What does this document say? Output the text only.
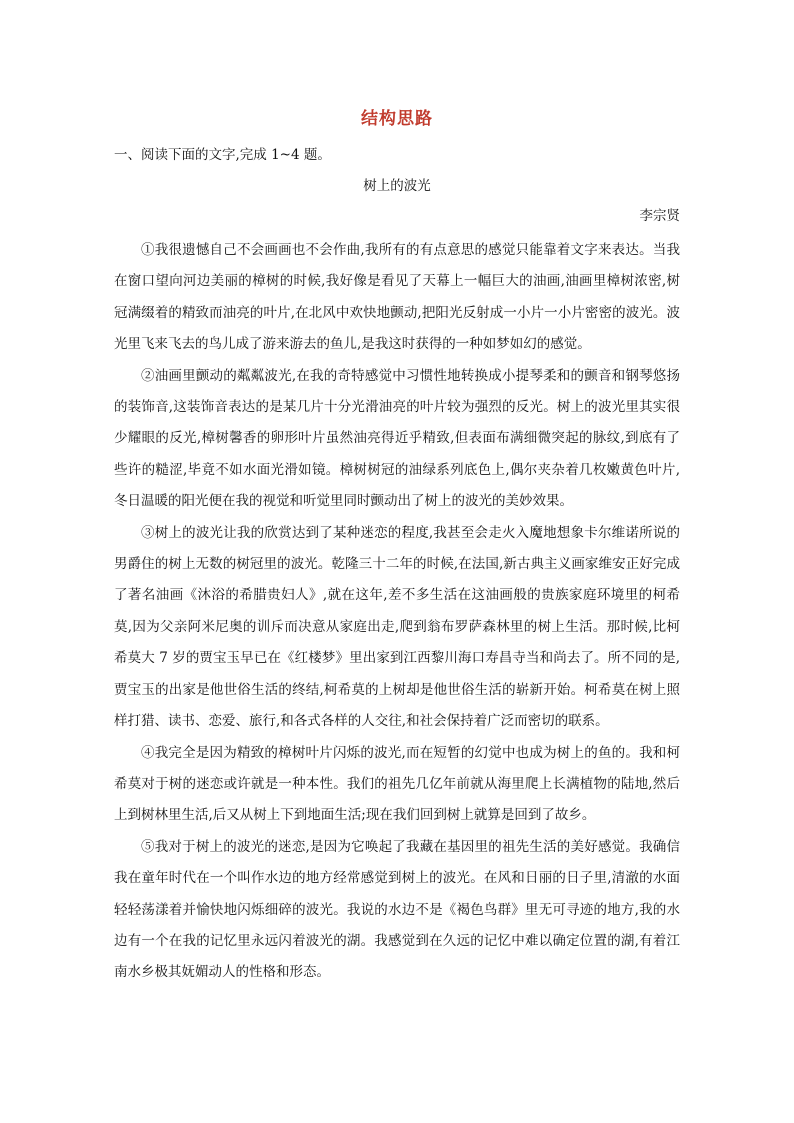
结构思路
一、阅读下面的文字,完成 1~4 题。
树上的波光
李宗贤

①我很遗憾自己不会画画也不会作曲,我所有的有点意思的感觉只能靠着文字来表达。当我在窗口望向河边美丽的樟树的时候,我好像是看见了天幕上一幅巨大的油画,油画里樟树浓密,树冠满缀着的精致而油亮的叶片,在北风中欢快地颤动,把阳光反射成一小片一小片密密的波光。波光里飞来飞去的鸟儿成了游来游去的鱼儿,是我这时获得的一种如梦如幻的感觉。

②油画里颤动的粼粼波光,在我的奇特感觉中习惯性地转换成小提琴柔和的颤音和钢琴悠扬的装饰音,这装饰音表达的是某几片十分光滑油亮的叶片较为强烈的反光。树上的波光里其实很少耀眼的反光,樟树馨香的卵形叶片虽然油亮得近乎精致,但表面布满细微突起的脉纹,到底有了些许的糙涩,毕竟不如水面光滑如镜。樟树树冠的油绿系列底色上,偶尔夹杂着几枚嫩黄色叶片,冬日温暖的阳光便在我的视觉和听觉里同时颤动出了树上的波光的美妙效果。

③树上的波光让我的欣赏达到了某种迷恋的程度,我甚至会走火入魔地想象卡尔维诺所说的男爵住的树上无数的树冠里的波光。乾隆三十二年的时候,在法国,新古典主义画家维安正好完成了著名油画《沐浴的希腊贵妇人》,就在这年,差不多生活在这油画般的贵族家庭环境里的柯希莫,因为父亲阿米尼奥的训斥而决意从家庭出走,爬到翁布罗萨森林里的树上生活。那时候,比柯希莫大 7 岁的贾宝玉早已在《红楼梦》里出家到江西黎川海口寿昌寺当和尚去了。所不同的是,贾宝玉的出家是他世俗生活的终结,柯希莫的上树却是他世俗生活的崭新开始。柯希莫在树上照样打猎、读书、恋爱、旅行,和各式各样的人交往,和社会保持着广泛而密切的联系。

④我完全是因为精致的樟树叶片闪烁的波光,而在短暂的幻觉中也成为树上的鱼的。我和柯希莫对于树的迷恋或许就是一种本性。我们的祖先几亿年前就从海里爬上长满植物的陆地,然后上到树林里生活,后又从树上下到地面生活;现在我们回到树上就算是回到了故乡。

⑤我对于树上的波光的迷恋,是因为它唤起了我藏在基因里的祖先生活的美好感觉。我确信我在童年时代在一个叫作水边的地方经常感觉到树上的波光。在风和日丽的日子里,清澈的水面轻轻荡漾着并愉快地闪烁细碎的波光。我说的水边不是《褐色鸟群》里无可寻迹的地方,我的水边有一个在我的记忆里永远闪着波光的湖。我感觉到在久远的记忆中难以确定位置的湖,有着江南水乡极其妩媚动人的性格和形态。
